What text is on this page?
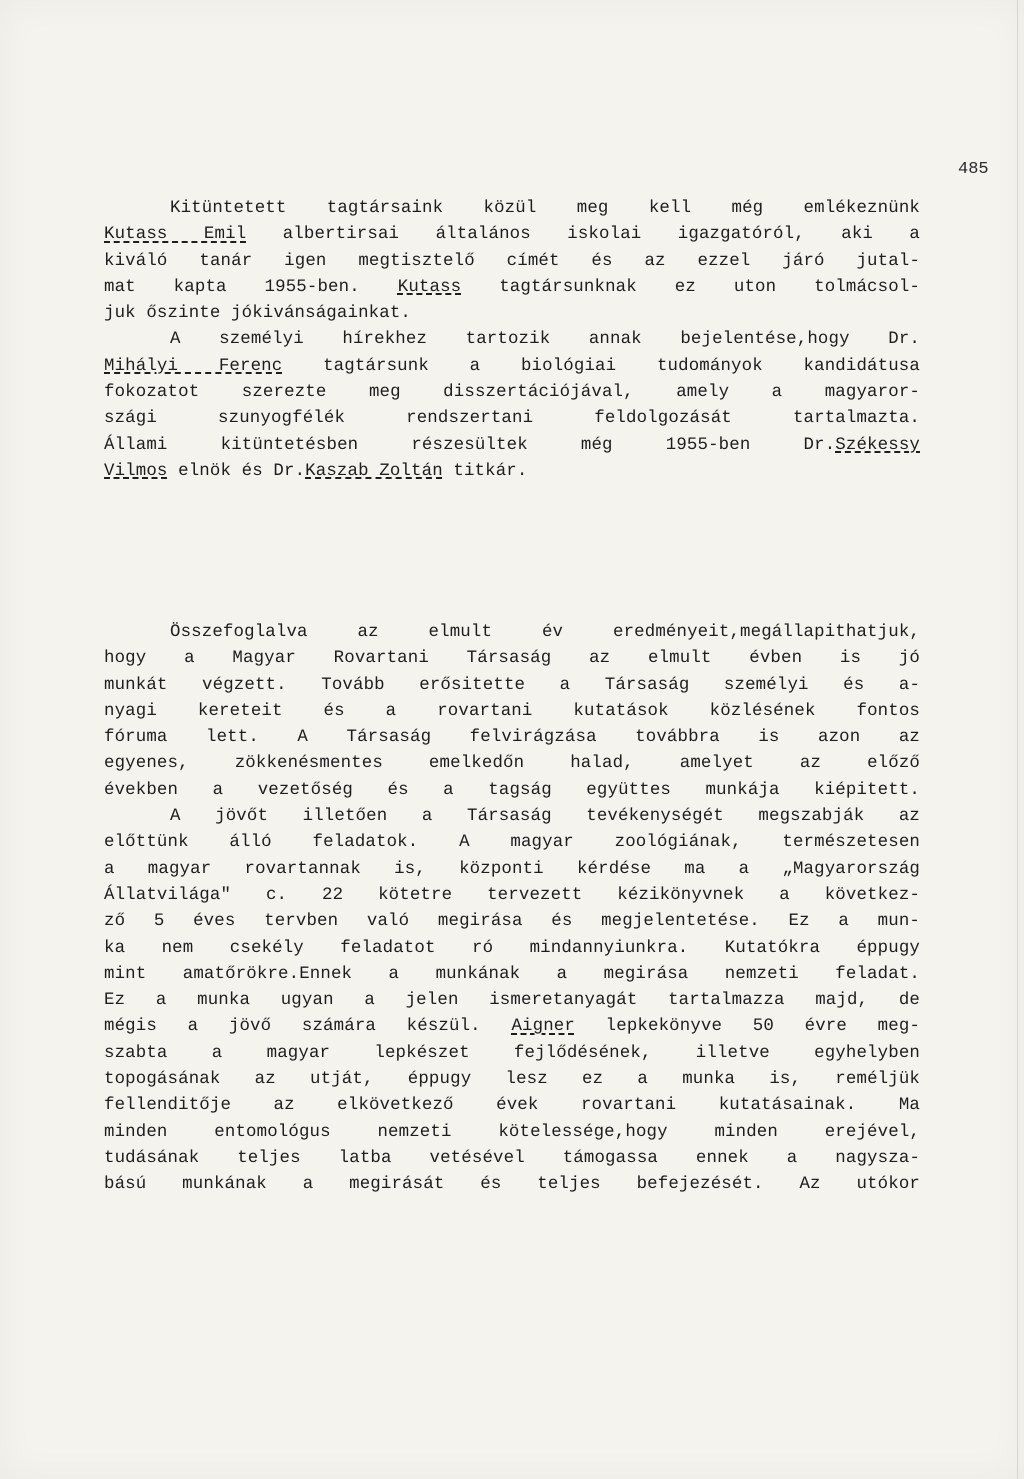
485
Kitüntetett tagtársaink közül meg kell még emlékeznünk
Kutass Emil albertirsai általános iskolai igazgatóról, aki a
kiváló tanár igen megtisztelő címét és az ezzel járó jutal-
mat kapta 1955-ben. Kutass tagtársunknak ez uton tolmácsol-
juk őszinte jókivánságainkat.
A személyi hírekhez tartozik annak bejelentése,hogy Dr.
Mihályi Ferenc tagtársunk a biológiai tudományok kandidátusa
fokozatot szerezte meg disszertációjával, amely a magyaror-
szági szunyogfélék rendszertani feldolgozását tartalmazta.
Állami kitüntetésben részesültek még 1955-ben Dr.Székessy
Vilmos elnök és Dr.Kaszab Zoltán titkár.
Összefoglalva az elmult év eredményeit,megállapithatjuk,
hogy a Magyar Rovartani Társaság az elmult évben is jó
munkát végzett. Tovább erősitette a Társaság személyi és a-
nyagi kereteit és a rovartani kutatások közlésének fontos
fóruma lett. A Társaság felvirágzása továbbra is azon az
egyenes, zökkenésmentes emelkedőn halad, amelyet az előző
években a vezetőség és a tagság együttes munkája kiépitett.
A jövőt illetően a Társaság tevékenységét megszabják az
előttünk álló feladatok. A magyar zoológiának, természetesen
a magyar rovartannak is, központi kérdése ma a „Magyarország
Állatvilága" c. 22 kötetre tervezett kézikönyvnek a következ-
ző 5 éves tervben való megirása és megjelentetése. Ez a mun-
ka nem csekély feladatot ró mindannyiunkra. Kutatókra éppugy
mint amatőrökre.Ennek a munkának a megirása nemzeti feladat.
Ez a munka ugyan a jelen ismeretanyagát tartalmazza majd, de
mégis a jövő számára készül. Aigner lepkekönyve 50 évre meg-
szabta a magyar lepkészet fejlődésének, illetve egyhelyben
topogásának az utját, éppugy lesz ez a munka is, reméljük
fellenditője az elkövetkező évek rovartani kutatásainak. Ma
minden entomológus nemzeti kötelessége,hogy minden erejével,
tudásának teljes latba vetésével támogassa ennek a nagysza-
bású munkának a megirását és teljes befejezését. Az utókor
